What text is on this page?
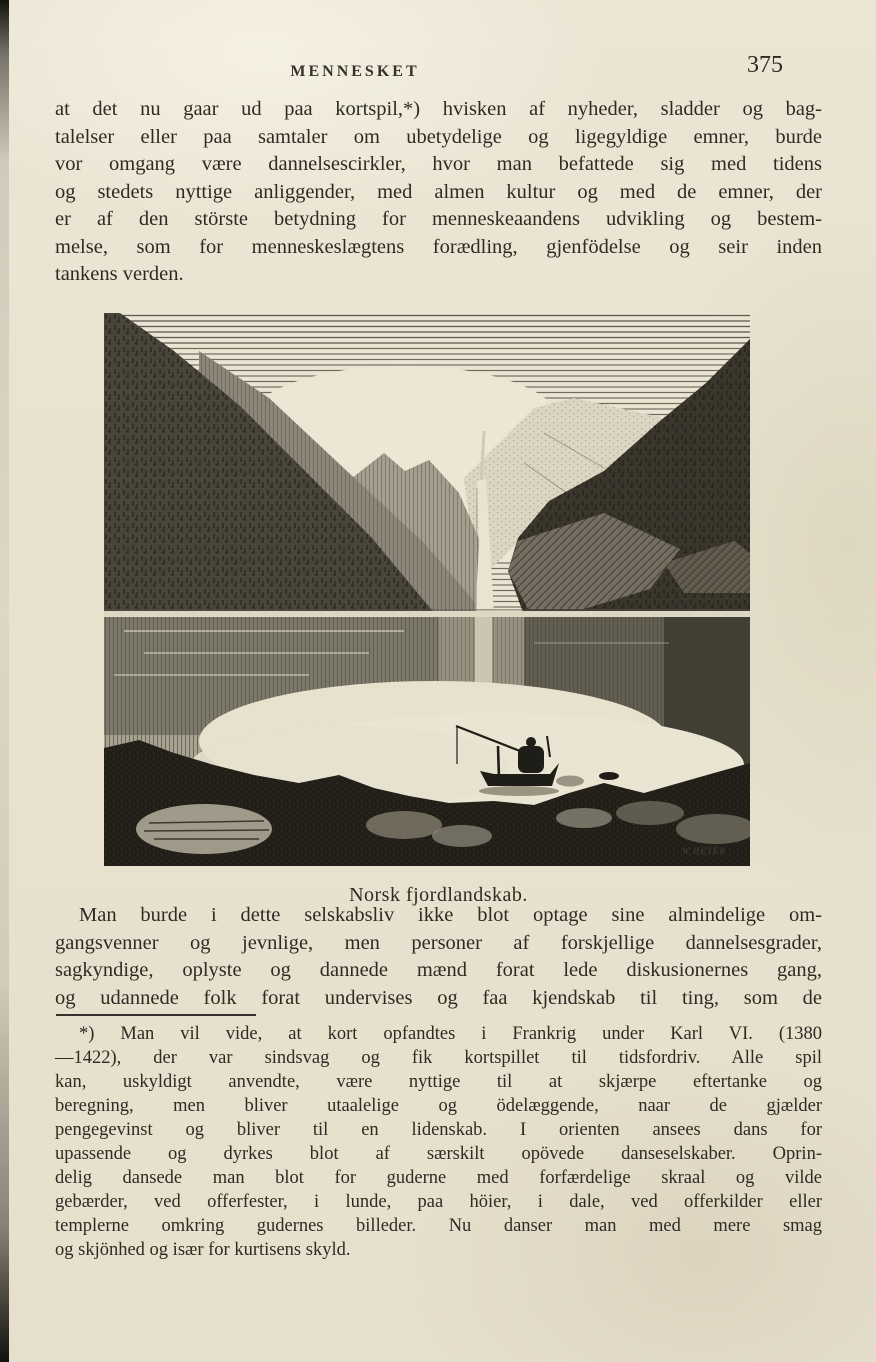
MENNESKET	375
at det nu gaar ud paa kortspil,*) hvisken af nyheder, sladder og bag-
talelser eller paa samtaler om ubetydelige og ligegyldige emner, burde
vor omgang være dannelsescirkler, hvor man befattede sig med tidens
og stedets nyttige anliggender, med almen kultur og med de emner, der
er af den störste betydning for menneskeaandens udvikling og bestem-
melse, som for menneskeslægtens forædling, gjenfödelse og seir inden
tankens verden.
W.HEYER
Norsk fjordlandskab.
Man burde i dette selskabsliv ikke blot optage sine almindelige om-
gangsvenner og jevnlige, men personer af forskjellige dannelsesgrader,
sagkyndige, oplyste og dannede mænd forat lede diskusionernes gang,
og udannede folk forat undervises og faa kjendskab til ting, som de
*) Man vil vide, at kort opfandtes i Frankrig under Karl VI. (1380
—1422), der var sindsvag og fik kortspillet til tidsfordriv. Alle spil
kan, uskyldigt anvendte, være nyttige til at skjærpe eftertanke og
beregning, men bliver utaalelige og ödelæggende, naar de gjælder
pengegevinst og bliver til en lidenskab. I orienten ansees dans for
upassende og dyrkes blot af særskilt opövede danseselskaber. Oprin-
delig dansede man blot for guderne med forfærdelige skraal og vilde
gebærder, ved offerfester, i lunde, paa höier, i dale, ved offerkilder eller
templerne omkring gudernes billeder. Nu danser man med mere smag
og skjönhed og især for kurtisens skyld.
